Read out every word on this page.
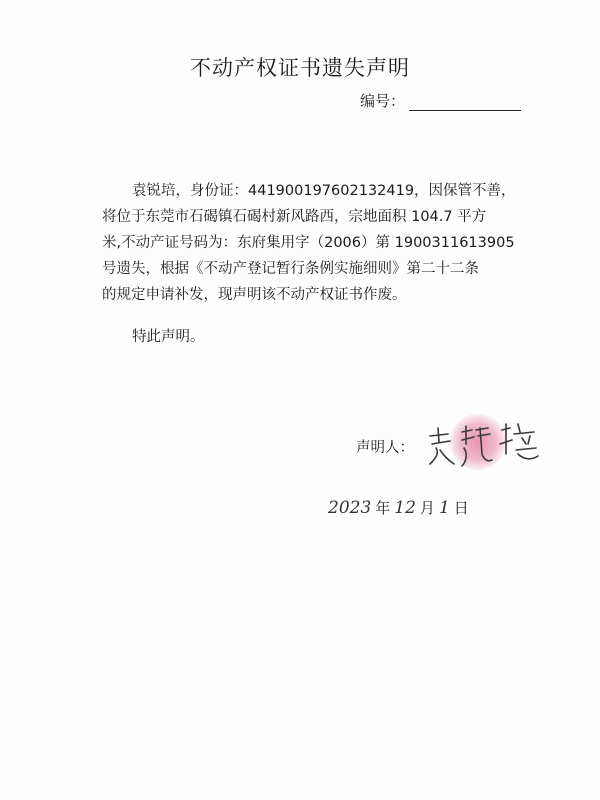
不动产权证书遗失声明
编号：

袁锐培，身份证：441900197602132419，因保管不善，

将位于东莞市石碣镇石碣村新风路西，宗地面积 104.7 平方

米,不动产证号码为：东府集用字（2006）第 1900311613905

号遗失，根据《不动产登记暂行条例实施细则》第二十二条

的规定申请补发，现声明该不动产权证书作废。

特此声明。

声明人：
2023 年 12 月 1 日
